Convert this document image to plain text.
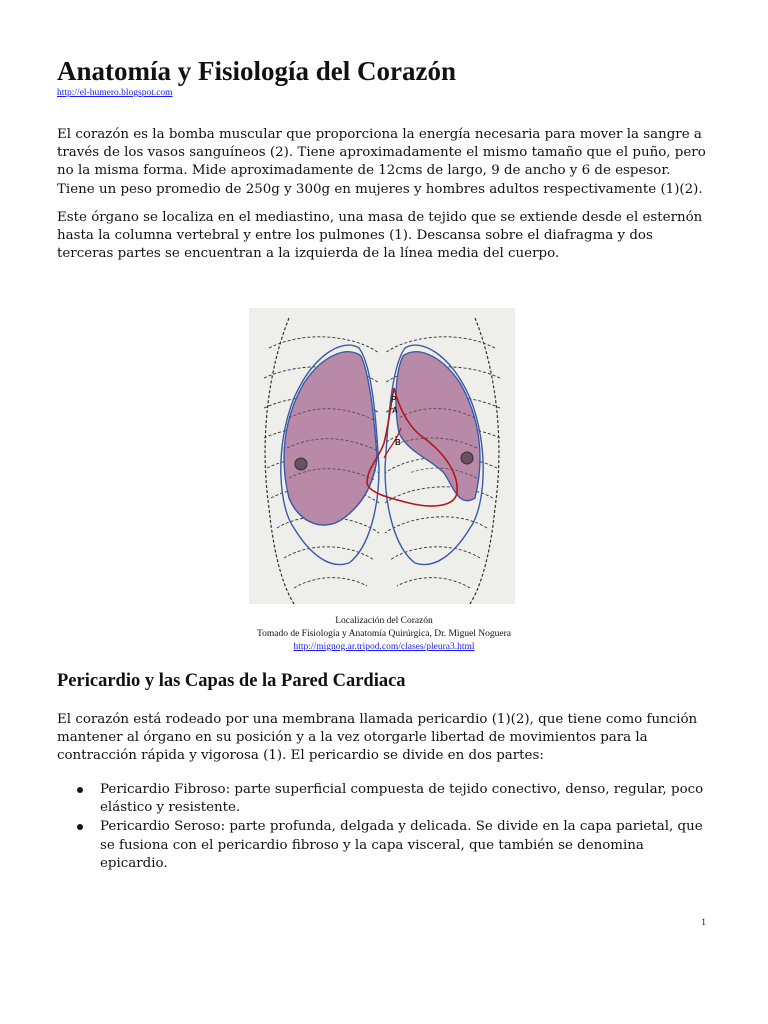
Anatomía y Fisiología del Corazón
http://el-humero.blogspot.com

El corazón es la bomba muscular que proporciona la energía necesaria para mover la sangre a través de los vasos sanguíneos (2). Tiene aproximadamente el mismo tamaño que el puño, pero no la misma forma. Mide aproximadamente de 12cms de largo, 9 de ancho y 6 de espesor. Tiene un peso promedio de 250g y 300g en mujeres y hombres adultos respectivamente (1)(2).

Este órgano se localiza en el mediastino, una masa de tejido que se extiende desde el esternón hasta la columna vertebral y entre los pulmones (1). Descansa sobre el diafragma y dos terceras partes se encuentran a la izquierda de la línea media del cuerpo.

P
A
B
Localización del Corazón
Tomado de Fisiología y Anatomía Quirúrgica, Dr. Miguel Noguera
http://mignog.ar.tripod.com/clases/pleura3.html
Pericardio y las Capas de la Pared Cardiaca

El corazón está rodeado por una membrana llamada pericardio (1)(2), que tiene como función mantener al órgano en su posición y a la vez otorgarle libertad de movimientos para la contracción rápida y vigorosa (1). El pericardio se divide en dos partes:

Pericardio Fibroso: parte superficial compuesta de tejido conectivo, denso, regular, poco elástico y resistente.
Pericardio Seroso: parte profunda, delgada y delicada. Se divide en la capa parietal, que se fusiona con el pericardio fibroso y la capa visceral, que también se denomina epicardio.
1
